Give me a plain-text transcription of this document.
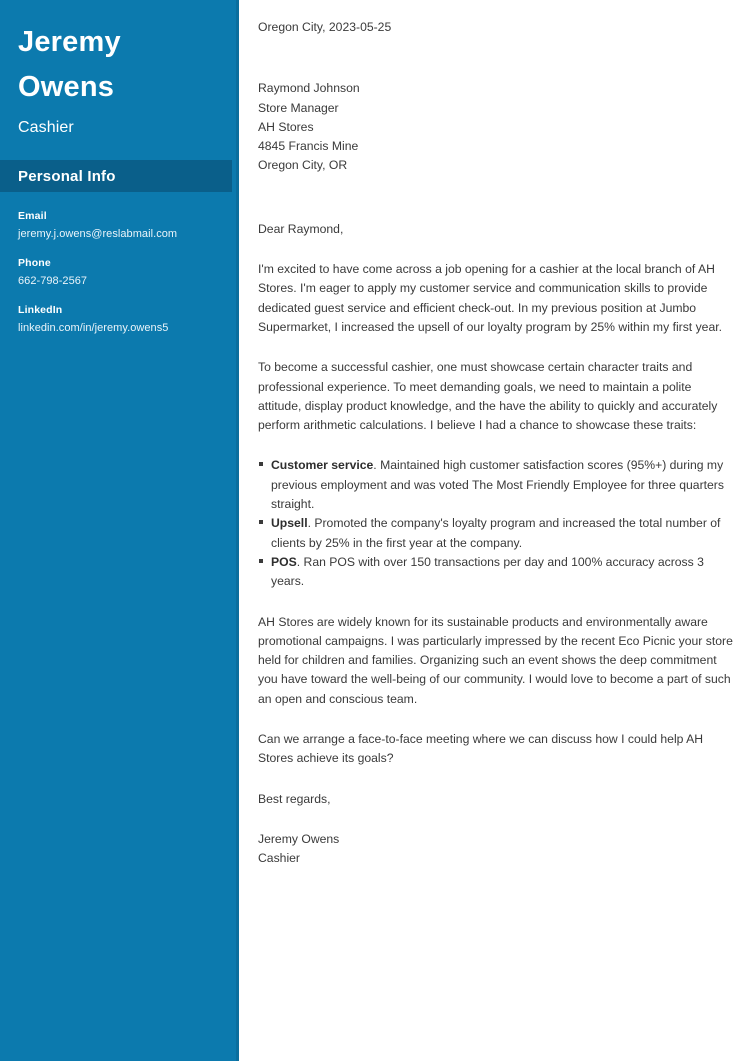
Jeremy
Owens
Cashier
Personal Info
Email
jeremy.j.owens@reslabmail.com
Phone
662-798-2567
LinkedIn
linkedin.com/in/jeremy.owens5
Oregon City, 2023-05-25
Raymond Johnson
Store Manager
AH Stores
4845 Francis Mine
Oregon City, OR

Dear Raymond,

I'm excited to have come across a job opening for a cashier at the local branch of AH Stores. I'm eager to apply my customer service and communication skills to provide dedicated guest service and efficient check-out. In my previous position at Jumbo Supermarket, I increased the upsell of our loyalty program by 25% within my first year.

To become a successful cashier, one must showcase certain character traits and professional experience. To meet demanding goals, we need to maintain a polite attitude, display product knowledge, and the have the ability to quickly and accurately perform arithmetic calculations. I believe I had a chance to showcase these traits:

Customer service. Maintained high customer satisfaction scores (95%+) during my previous employment and was voted The Most Friendly Employee for three quarters straight.
Upsell. Promoted the company's loyalty program and increased the total number of clients by 25% in the first year at the company.
POS. Ran POS with over 150 transactions per day and 100% accuracy across 3 years.

AH Stores are widely known for its sustainable products and environmentally aware promotional campaigns. I was particularly impressed by the recent Eco Picnic your store held for children and families. Organizing such an event shows the deep commitment you have toward the well-being of our community. I would love to become a part of such an open and conscious team.

Can we arrange a face-to-face meeting where we can discuss how I could help AH Stores achieve its goals?

Best regards,

Jeremy Owens
Cashier
